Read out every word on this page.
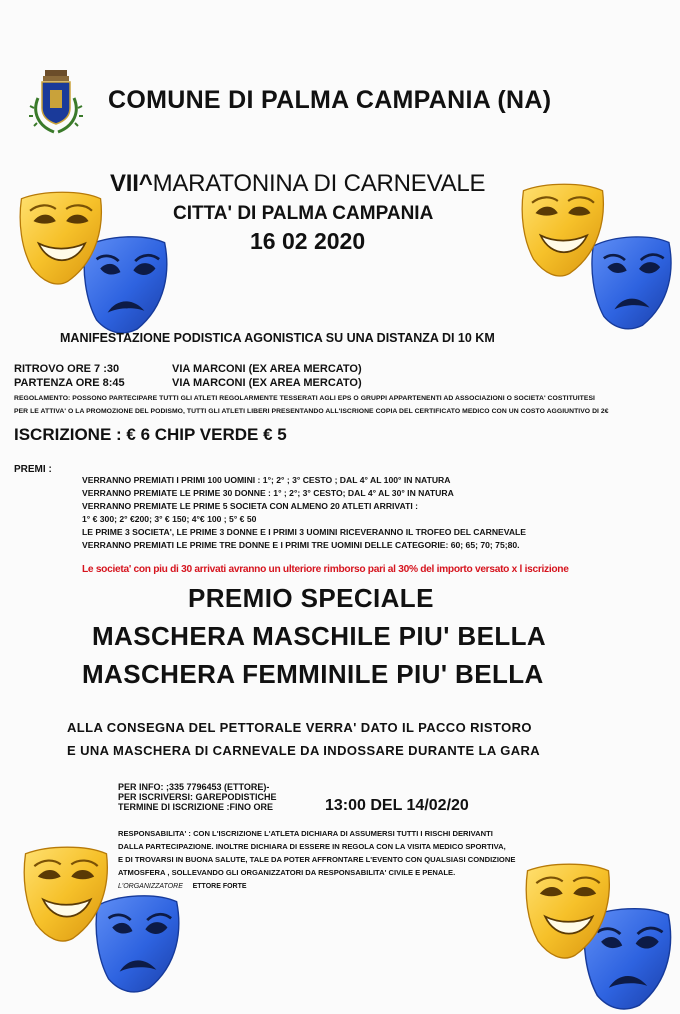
COMUNE DI PALMA CAMPANIA (NA)
VII^MARATONINA DI CARNEVALE
CITTA' DI PALMA CAMPANIA
16 02 2020
MANIFESTAZIONE PODISTICA AGONISTICA SU UNA DISTANZA DI 10 KM
RITROVO ORE 7 :30	VIA MARCONI (EX AREA MERCATO)
PARTENZA ORE 8:45	VIA MARCONI (EX AREA MERCATO)
REGOLAMENTO: POSSONO PARTECIPARE TUTTI GLI ATLETI REGOLARMENTE TESSERATI AGLI EPS O GRUPPI APPARTENENTI AD ASSOCIAZIONI O SOCIETA' COSTITUITESI
PER LE ATTIVA' O LA PROMOZIONE DEL PODISMO, TUTTI GLI ATLETI LIBERI PRESENTANDO ALL'ISCRIONE COPIA DEL CERTIFICATO MEDICO CON UN COSTO AGGIUNTIVO DI 2€
ISCRIZIONE : € 6 CHIP VERDE € 5
PREMI :
VERRANNO PREMIATI I PRIMI 100 UOMINI : 1°; 2° ; 3° CESTO ; DAL 4° AL 100° IN NATURA
VERRANNO PREMIATE LE PRIME 30 DONNE : 1° ; 2°; 3° CESTO; DAL 4° AL 30° IN NATURA
VERRANNO PREMIATE LE PRIME 5 SOCIETA CON ALMENO 20 ATLETI ARRIVATI :
1° € 300; 2° €200; 3° € 150; 4°€ 100 ; 5° € 50
LE PRIME 3 SOCIETA', LE PRIME 3 DONNE E I PRIMI 3 UOMINI RICEVERANNO IL TROFEO DEL CARNEVALE
VERRANNO PREMIATI LE PRIME TRE DONNE E I PRIMI TRE UOMINI DELLE CATEGORIE: 60; 65; 70; 75;80.
Le societa' con piu di 30 arrivati avranno un ulteriore rimborso pari al 30% del importo versato x l iscrizione
PREMIO SPECIALE
MASCHERA MASCHILE PIU' BELLA
MASCHERA FEMMINILE PIU' BELLA
ALLA CONSEGNA DEL PETTORALE VERRA' DATO IL PACCO RISTORO
E UNA MASCHERA DI CARNEVALE DA INDOSSARE DURANTE LA GARA
PER INFO: ;335 7796453 (ETTORE)-
PER ISCRIVERSI: GAREPODISTICHE
TERMINE DI ISCRIZIONE :FINO ORE	13:00 DEL 14/02/20
RESPONSABILITA' : CON L'ISCRIZIONE L'ATLETA DICHIARA DI ASSUMERSI TUTTI I RISCHI DERIVANTI
DALLA PARTECIPAZIONE. INOLTRE DICHIARA DI ESSERE IN REGOLA CON LA VISITA MEDICO SPORTIVA,
E DI TROVARSI IN BUONA SALUTE, TALE DA POTER AFFRONTARE L'EVENTO CON QUALSIASI CONDIZIONE
ATMOSFERA , SOLLEVANDO GLI ORGANIZZATORI DA RESPONSABILITA' CIVILE E PENALE.
L'ORGANIZZATORE ETTORE FORTE
